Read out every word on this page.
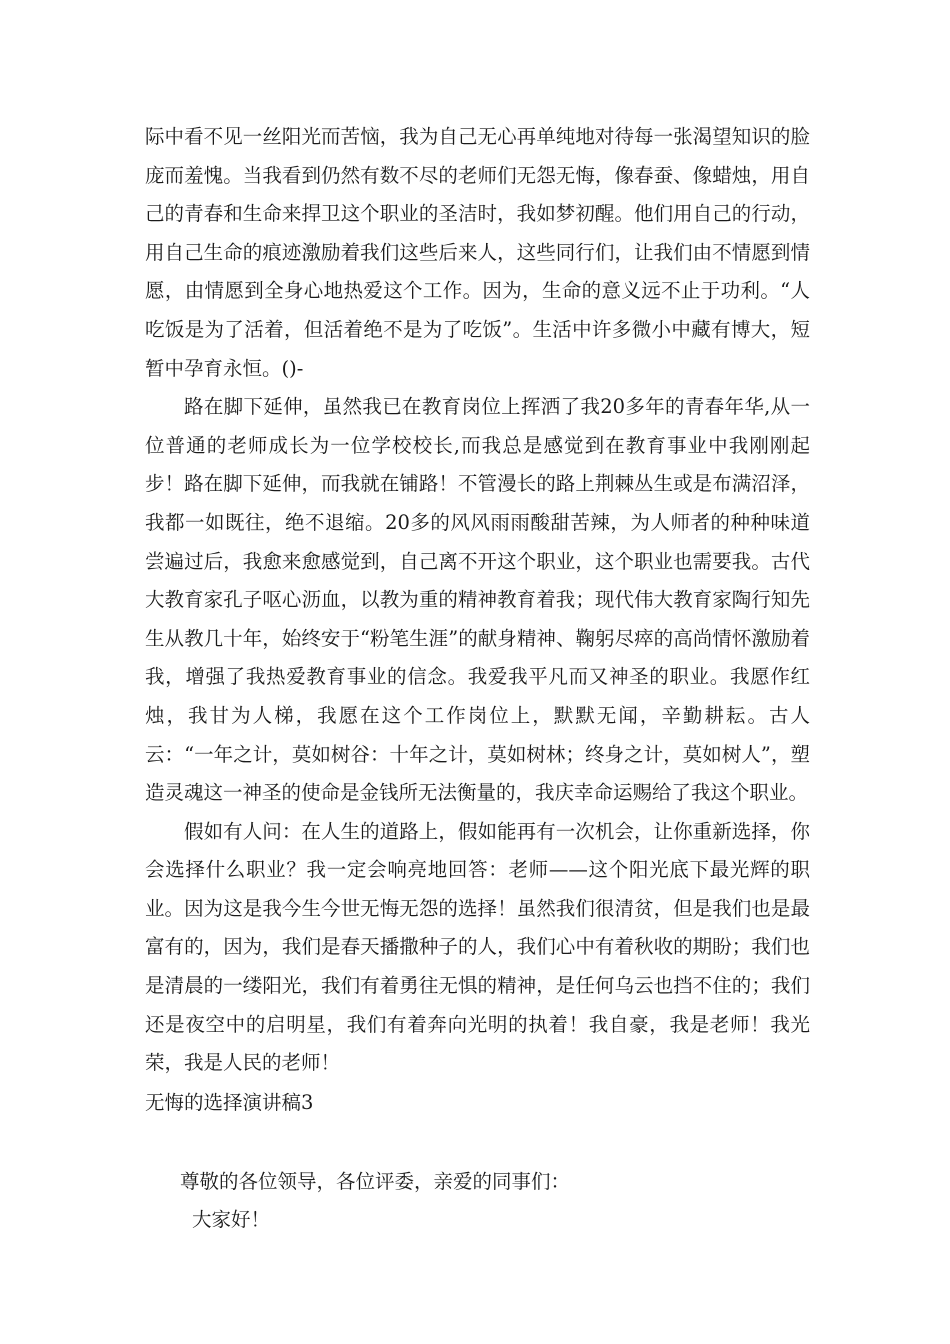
际中看不见一丝阳光而苦恼，我为自己无心再单纯地对待每一张渴望知识的脸庞而羞愧。当我看到仍然有数不尽的老师们无怨无悔，像春蚕、像蜡烛，用自己的青春和生命来捍卫这个职业的圣洁时，我如梦初醒。他们用自己的行动，用自己生命的痕迹激励着我们这些后来人，这些同行们，让我们由不情愿到情愿，由情愿到全身心地热爱这个工作。因为，生命的意义远不止于功利。“人吃饭是为了活着，但活着绝不是为了吃饭”。生活中许多微小中藏有博大，短暂中孕育永恒。()-

路在脚下延伸，虽然我已在教育岗位上挥洒了我20多年的青春年华,从一位普通的老师成长为一位学校校长,而我总是感觉到在教育事业中我刚刚起步！路在脚下延伸，而我就在铺路！不管漫长的路上荆棘丛生或是布满沼泽，我都一如既往，绝不退缩。20多的风风雨雨酸甜苦辣，为人师者的种种味道尝遍过后，我愈来愈感觉到，自己离不开这个职业，这个职业也需要我。古代大教育家孔子呕心沥血，以教为重的精神教育着我；现代伟大教育家陶行知先生从教几十年，始终安于“粉笔生涯”的献身精神、鞠躬尽瘁的高尚情怀激励着我，增强了我热爱教育事业的信念。我爱我平凡而又神圣的职业。我愿作红烛，我甘为人梯，我愿在这个工作岗位上，默默无闻，辛勤耕耘。古人云：“一年之计，莫如树谷：十年之计，莫如树林；终身之计，莫如树人”，塑造灵魂这一神圣的使命是金钱所无法衡量的，我庆幸命运赐给了我这个职业。

假如有人问：在人生的道路上，假如能再有一次机会，让你重新选择，你会选择什么职业？我一定会响亮地回答：老师——这个阳光底下最光辉的职业。因为这是我今生今世无悔无怨的选择！虽然我们很清贫，但是我们也是最富有的，因为，我们是春天播撒种子的人，我们心中有着秋收的期盼；我们也是清晨的一缕阳光，我们有着勇往无惧的精神，是任何乌云也挡不住的；我们还是夜空中的启明星，我们有着奔向光明的执着！我自豪，我是老师！我光荣，我是人民的老师！

无悔的选择演讲稿3

尊敬的各位领导，各位评委，亲爱的同事们：

大家好！
